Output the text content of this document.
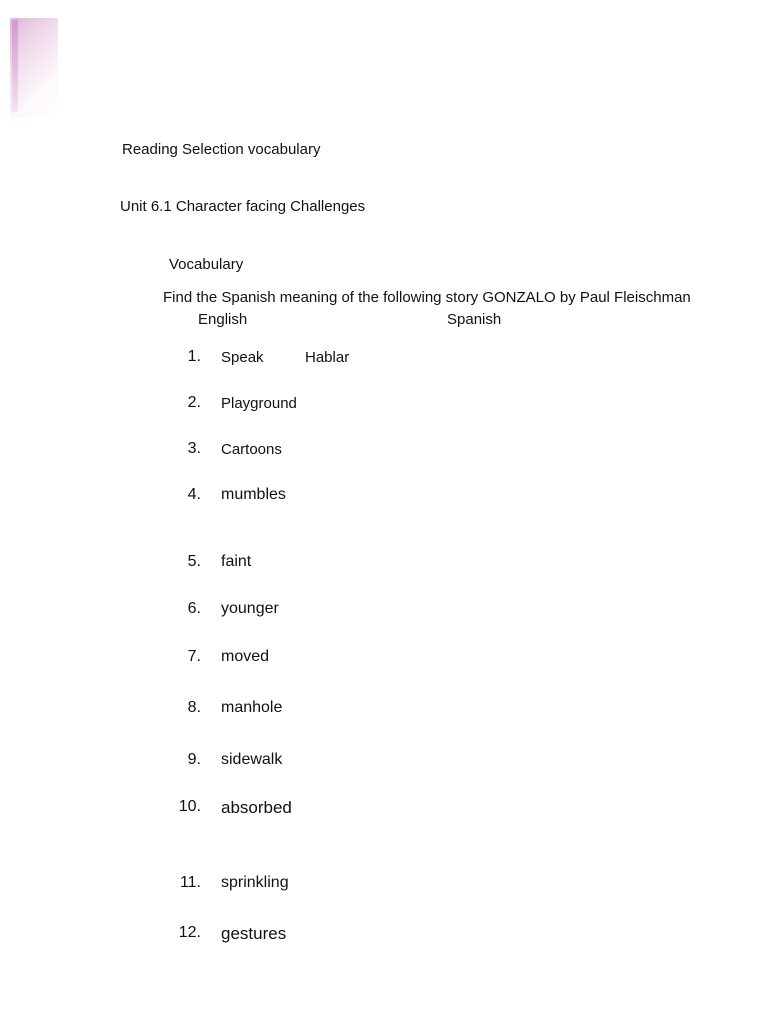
Reading Selection vocabulary
Unit 6.1 Character facing Challenges
Vocabulary
Find the Spanish meaning of the following story GONZALO by Paul Fleischman
English	Spanish
1. Speak	Hablar
2. Playground
3. Cartoons
4. mumbles
5. faint
6. younger
7. moved
8. manhole
9. sidewalk
10. absorbed
11. sprinkling
12. gestures
